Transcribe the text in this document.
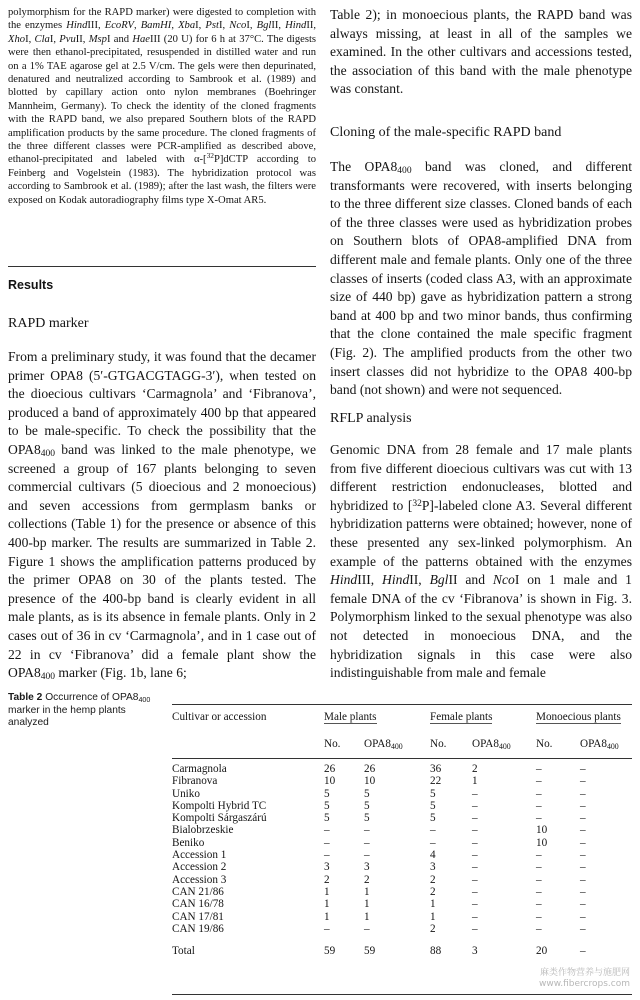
polymorphism for the RAPD marker) were digested to completion with the enzymes HindIII, EcoRV, BamHI, XbaI, PstI, NcoI, BglII, HindII, XhoI, ClaI, PvuII, MspI and HaeIII (20 U) for 6 h at 37°C. The digests were then ethanol-precipitated, resuspended in distilled water and run on a 1% TAE agarose gel at 2.5 V/cm. The gels were then depurinated, denatured and neutralized according to Sambrook et al. (1989) and blotted by capillary action onto nylon membranes (Boehringer Mannheim, Germany). To check the identity of the cloned fragments with the RAPD band, we also prepared Southern blots of the RAPD amplification products by the same procedure. The cloned fragments of the three different classes were PCR-amplified as described above, ethanol-precipitated and labeled with α-[$^{32}$P]dCTP according to Feinberg and Vogelstein (1983). The hybridization protocol was according to Sambrook et al. (1989); after the last wash, the filters were exposed on Kodak autoradiography films type X-Omat AR5.

Results
RAPD marker

From a preliminary study, it was found that the decamer primer OPA8 (5′-GTGACGTAGG-3′), when tested on the dioecious cultivars ‘Carmagnola’ and ‘Fibranova’, produced a band of approximately 400 bp that appeared to be male-specific. To check the possibility that the $OPA8_{400}$ band was linked to the male phenotype, we screened a group of 167 plants belonging to seven commercial cultivars (5 dioecious and 2 monoecious) and seven accessions from germplasm banks or collections (Table 1) for the presence or absence of this 400-bp marker. The results are summarized in Table 2. Figure 1 shows the amplification patterns produced by the primer OPA8 on 30 of the plants tested. The presence of the 400-bp band is clearly evident in all male plants, as is its absence in female plants. Only in 2 cases out of 36 in cv ‘Carmagnola’, and in 1 case out of 22 in cv ‘Fibranova’ did a female plant show the $OPA8_{400}$ marker (Fig. 1b, lane 6;

Table 2); in monoecious plants, the RAPD band was always missing, at least in all of the samples we examined. In the other cultivars and accessions tested, the association of this band with the male phenotype was constant.

Cloning of the male-specific RAPD band

The $OPA8_{400}$ band was cloned, and different transformants were recovered, with inserts belonging to the three different size classes. Cloned bands of each of the three classes were used as hybridization probes on Southern blots of OPA8-amplified DNA from different male and female plants. Only one of the three classes of inserts (coded class A3, with an approximate size of 440 bp) gave as hybridization pattern a strong band at 400 bp and two minor bands, thus confirming that the clone contained the male specific fragment (Fig. 2). The amplified products from the other two insert classes did not hybridize to the OPA8 400-bp band (not shown) and were not sequenced.

RFLP analysis

Genomic DNA from 28 female and 17 male plants from five different dioecious cultivars was cut with 13 different restriction endonucleases, blotted and hybridized to [$^{32}$P]-labeled clone A3. Several different hybridization patterns were obtained; however, none of these presented any sex-linked polymorphism. An example of the patterns obtained with the enzymes HindIII, HindII, BglII and NcoI on 1 male and 1 female DNA of the cv ‘Fibranova’ is shown in Fig. 3. Polymorphism linked to the sexual phenotype was also not detected in monoecious DNA, and the hybridization signals in this case were also indistinguishable from male and female

Table 2 Occurrence of $OPA8_{400}$ marker in the hemp plants analyzed	Cultivar or accession	Male plants		Female plants		Monoecious plants	
	No.	$OPA8_{400}$	No.	$OPA8_{400}$	No.	$OPA8_{400}$

Carmagnola	26	26	36	2	–	–
Fibranova	10	10	22	1	–	–
Uniko	5	5	5	–	–	–
Kompolti Hybrid TC	5	5	5	–	–	–
Kompolti Sárgaszárú	5	5	5	–	–	–
Bialobrzeskie	–	–	–	–	10	–
Beniko	–	–	–	–	10	–
Accession 1	–	–	4	–	–	–
Accession 2	3	3	3	–	–	–
Accession 3	2	2	2	–	–	–
CAN 21/86	1	1	2	–	–	–
CAN 16/78	1	1	1	–	–	–
CAN 17/81	1	1	1	–	–	–
CAN 19/86	–	–	2	–	–	–
Total	59	59	88	3	20	–
麻类作物营养与施肥网
www.fibercrops.com
